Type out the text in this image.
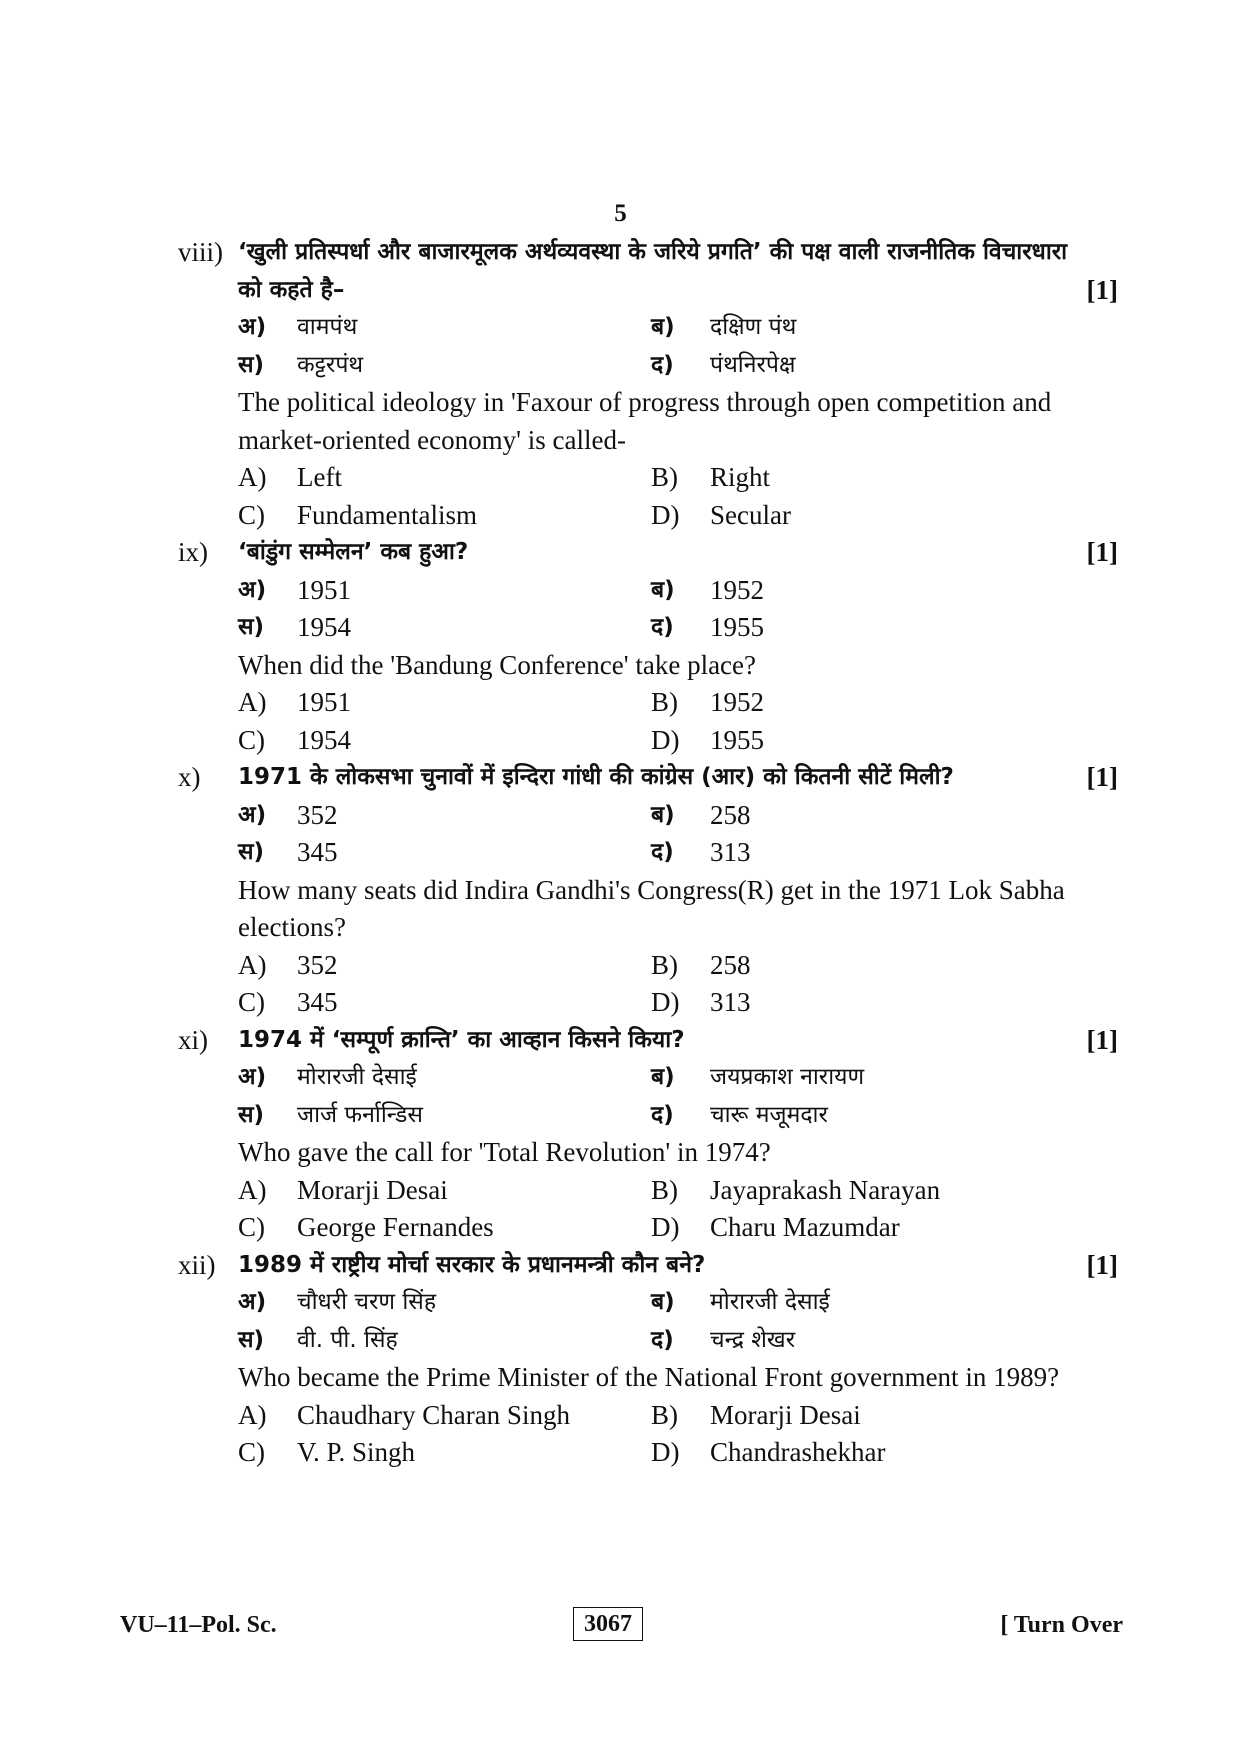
5
viii) ‘खुली प्रतिस्पर्धा और बाजारमूलक अर्थव्यवस्था के जरिये प्रगति’ की पक्ष वाली राजनीतिक विचारधारा
को कहते है–	[1]
अ) वामपंथ	ब) दक्षिण पंथ
स) कट्टरपंथ	द) पंथनिरपेक्ष
The political ideology in 'Faxour of progress through open competition and
market-oriented economy' is called-
A) Left	B) Right
C) Fundamentalism	D) Secular
ix) ‘बांडुंग सम्मेलन’ कब हुआ?	[1]
अ) 1951	ब) 1952
स) 1954	द) 1955
When did the 'Bandung Conference' take place?
A) 1951	B) 1952
C) 1954	D) 1955
x) 1971 के लोकसभा चुनावों में इन्दिरा गांधी की कांग्रेस (आर) को कितनी सीटें मिली?	[1]
अ) 352	ब) 258
स) 345	द) 313
How many seats did Indira Gandhi's Congress(R) get in the 1971 Lok Sabha
elections?
A) 352	B) 258
C) 345	D) 313
xi) 1974 में ‘सम्पूर्ण क्रान्ति’ का आव्हान किसने किया?	[1]
अ) मोरारजी देसाई	ब) जयप्रकाश नारायण
स) जार्ज फर्नान्डिस	द) चारू मजूमदार
Who gave the call for 'Total Revolution' in 1974?
A) Morarji Desai	B) Jayaprakash Narayan
C) George Fernandes	D) Charu Mazumdar
xii) 1989 में राष्ट्रीय मोर्चा सरकार के प्रधानमन्त्री कौन बने?	[1]
अ) चौधरी चरण सिंह	ब) मोरारजी देसाई
स) वी. पी. सिंह	द) चन्द्र शेखर
Who became the Prime Minister of the National Front government in 1989?
A) Chaudhary Charan Singh	B) Morarji Desai
C) V. P. Singh	D) Chandrashekhar
VU–11–Pol. Sc.	3067	[ Turn Over
